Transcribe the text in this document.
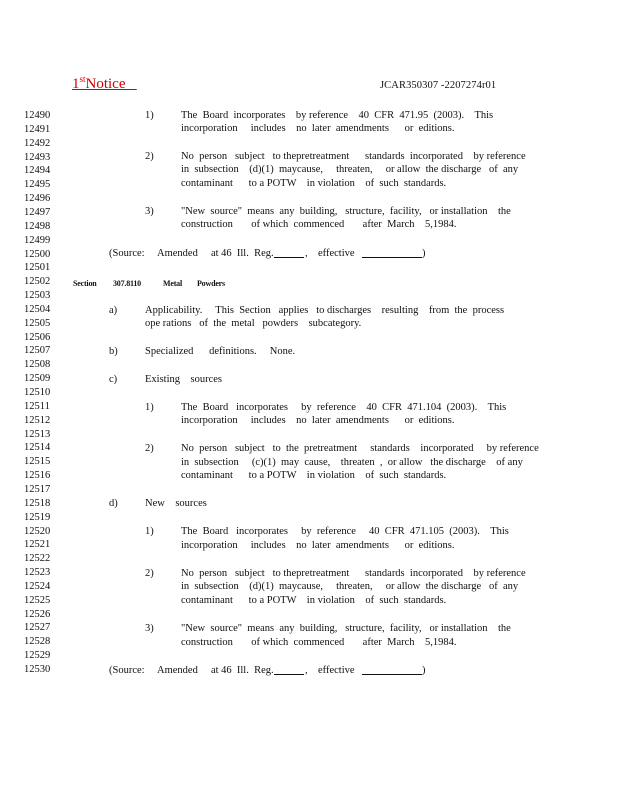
1stNotice	JCAR350307 -2207274r01
12490
12491
12492
12493
12494
12495
12496
12497
12498
12499
12500
12501
12502
12503
12504
12505
12506
12507
12508
12509
12510
12511
12512
12513
12514
12515
12516
12517
12518
12519
12520
12521
12522
12523
12524
12525
12526
12527
12528
12529
12530
1)	The  Board  incorporates    by reference    40  CFR  471.95  (2003).    This
incorporation     includes    no  later  amendments      or  editions.
2)	No  person   subject   to thepretreatment      standards  incorporated    by reference
in  subsection    (d)(1)  maycause,     threaten,     or allow  the discharge   of  any
contaminant      to a POTW    in violation    of  such  standards.
3)	"New  source"  means  any  building,   structure,  facility,   or installation    the
construction       of which  commenced       after  March    5,1984.
(Source: Amended     at 46  Ill.  Reg.	, effective	)
Section 307.8110	Metal Powders
a)	Applicability.     This  Section   applies   to discharges    resulting    from  the  process
ope rations   of  the  metal   powders    subcategory.
b)	Specialized      definitions.     None.
c)	Existing    sources
1)	The  Board   incorporates     by  reference    40  CFR  471.104  (2003).    This
incorporation     includes    no  later  amendments      or  editions.
2)	No  person   subject   to  the  pretreatment     standards    incorporated     by reference
in  subsection     (c)(1)  may  cause,    threaten  ,  or allow   the discharge    of any
contaminant      to a POTW    in violation    of  such  standards.
d)	New    sources
1)	The  Board   incorporates     by  reference     40  CFR  471.105  (2003).    This
incorporation     includes    no  later  amendments      or  editions.
2)	No  person   subject   to thepretreatment      standards  incorporated    by reference
in  subsection    (d)(1)  maycause,     threaten,     or allow  the discharge   of  any
contaminant      to a POTW    in violation    of  such  standards.
3)	"New  source"  means  any  building,   structure,  facility,   or installation    the
construction       of which  commenced       after  March    5,1984.
(Source: Amended     at 46  Ill.  Reg.	, effective	)
